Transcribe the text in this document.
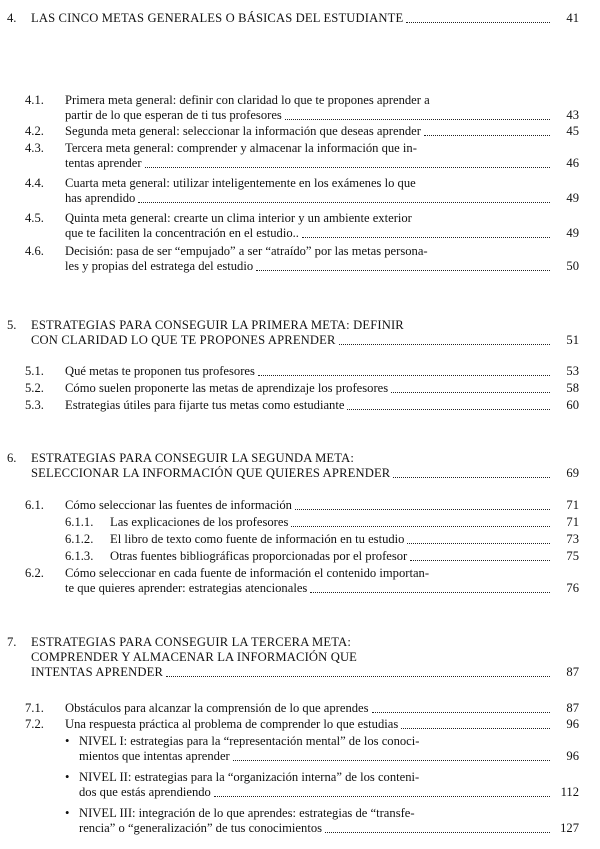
4.	LAS CINCO METAS GENERALES O BÁSICAS DEL ESTUDIANTE	41
4.1.	Primera meta general: definir con claridad lo que te propones aprender a
partir de lo que esperan de ti tus profesores	43
4.2.	Segunda meta general: seleccionar la información que deseas aprender	45
4.3.	Tercera meta general: comprender y almacenar la información que in-
tentas aprender	46
4.4.	Cuarta meta general: utilizar inteligentemente en los exámenes lo que
has aprendido	49
4.5.	Quinta meta general: crearte un clima interior y un ambiente exterior
que te faciliten la concentración en el estudio..	49
4.6.	Decisión: pasa de ser “empujado” a ser “atraído” por las metas persona-
les y propias del estratega del estudio	50
5.	ESTRATEGIAS PARA CONSEGUIR LA PRIMERA META: DEFINIR
CON CLARIDAD LO QUE TE PROPONES APRENDER	51
5.1.	Qué metas te proponen tus profesores	53
5.2.	Cómo suelen proponerte las metas de aprendizaje los profesores	58
5.3.	Estrategias útiles para fijarte tus metas como estudiante	60
6.	ESTRATEGIAS PARA CONSEGUIR LA SEGUNDA META:
SELECCIONAR LA INFORMACIÓN QUE QUIERES APRENDER	69
6.1.	Cómo seleccionar las fuentes de información	71
6.1.1.	Las explicaciones de los profesores	71
6.1.2.	El libro de texto como fuente de información en tu estudio	73
6.1.3.	Otras fuentes bibliográficas proporcionadas por el profesor	75
6.2.	Cómo seleccionar en cada fuente de información el contenido importan-
te que quieres aprender: estrategias atencionales	76
7.	ESTRATEGIAS PARA CONSEGUIR LA TERCERA META:
COMPRENDER Y ALMACENAR LA INFORMACIÓN QUE
INTENTAS APRENDER	87
7.1.	Obstáculos para alcanzar la comprensión de lo que aprendes	87
7.2.	Una respuesta práctica al problema de comprender lo que estudias	96
• NIVEL I: estrategias para la “representación mental” de los conoci-
mientos que intentas aprender	96
• NIVEL II: estrategias para la “organización interna” de los conteni-
dos que estás aprendiendo	112
• NIVEL III: integración de lo que aprendes: estrategias de “transfe-
rencia” o “generalización” de tus conocimientos	127
